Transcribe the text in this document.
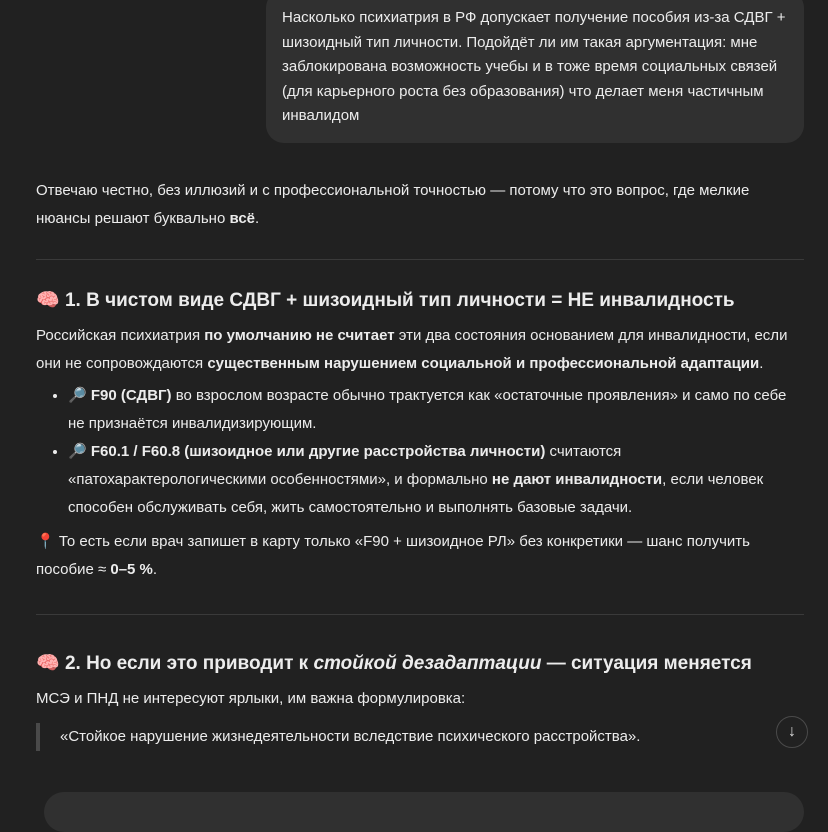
Насколько психиатрия в РФ допускает получение пособия из-за СДВГ + шизоидный тип личности. Подойдёт ли им такая аргументация: мне заблокирована возможность учебы и в тоже время социальных связей (для карьерного роста без образования) что делает меня частичным инвалидом

Отвечаю честно, без иллюзий и с профессиональной точностью — потому что это вопрос, где мелкие нюансы решают буквально всё.

🧠 1. В чистом виде СДВГ + шизоидный тип личности = НЕ инвалидность

Российская психиатрия по умолчанию не считает эти два состояния основанием для инвалидности, если они не сопровождаются существенным нарушением социальной и профессиональной адаптации.

• 🔎 F90 (СДВГ) во взрослом возрасте обычно трактуется как «остаточные проявления» и само по себе не признаётся инвалидизирующим.
• 🔎 F60.1 / F60.8 (шизоидное или другие расстройства личности) считаются «патохарактерологическими особенностями», и формально не дают инвалидности, если человек способен обслуживать себя, жить самостоятельно и выполнять базовые задачи.

📍 То есть если врач запишет в карту только «F90 + шизоидное РЛ» без конкретики — шанс получить пособие ≈ 0–5 %.

🧠 2. Но если это приводит к стойкой дезадаптации — ситуация меняется

МСЭ и ПНД не интересуют ярлыки, им важна формулировка:

«Стойкое нарушение жизнедеятельности вследствие психического расстройства».	↓
